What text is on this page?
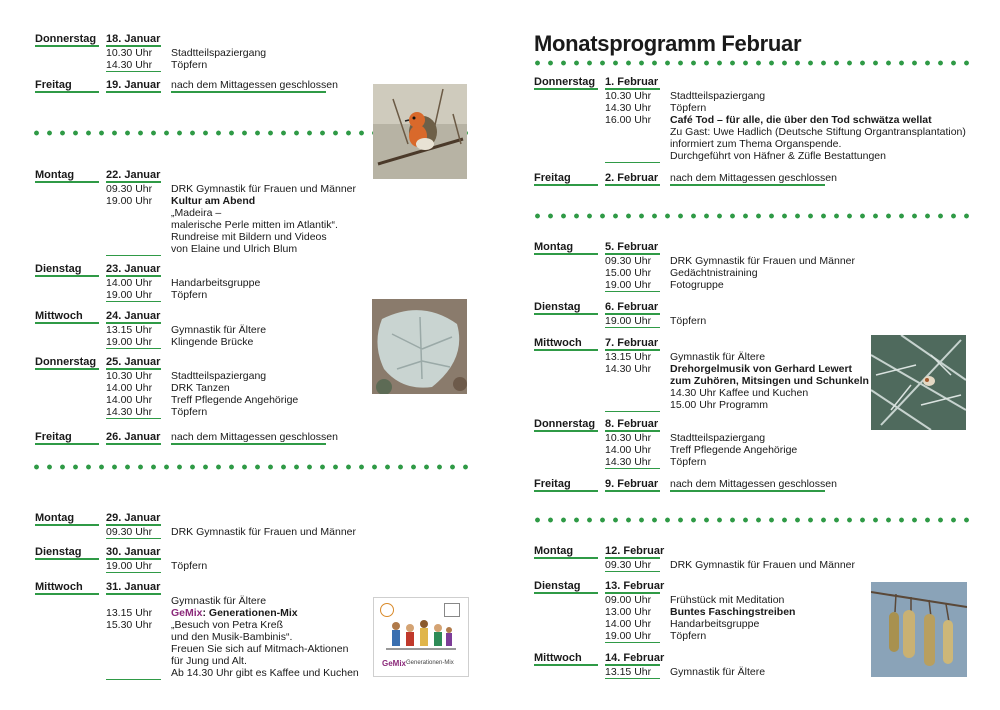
Donnerstag 18. Januar
10.30 Uhr Stadtteilspaziergang
14.30 Uhr Töpfern
Freitag	19. Januar nach dem Mittagessen geschlossen
Montag	22. Januar
09.30 Uhr DRK Gymnastik für Frauen und Männer
19.00 Uhr Kultur am Abend
„Madeira –
malerische Perle mitten im Atlantik“.
Rundreise mit Bildern und Videos
von Elaine und Ulrich Blum
Dienstag 23. Januar
14.00 Uhr Handarbeitsgruppe
19.00 Uhr Töpfern
Mittwoch 24. Januar
13.15 Uhr Gymnastik für Ältere
19.00 Uhr Klingende Brücke
Donnerstag 25. Januar
10.30 Uhr Stadtteilspaziergang
14.00 Uhr DRK Tanzen
14.00 Uhr Treff Pflegende Angehörige
14.30 Uhr Töpfern
Freitag	26. Januar nach dem Mittagessen geschlossen
Montag	29. Januar
09.30 Uhr DRK Gymnastik für Frauen und Männer
Dienstag 30. Januar
19.00 Uhr Töpfern
Mittwoch 31. Januar
Gymnastik für Ältere
13.15 Uhr GeMix: Generationen-Mix
15.30 Uhr „Besuch von Petra Kreß
und den Musik-Bambinis“.
Freuen Sie sich auf Mitmach-Aktionen
für Jung und Alt.
Ab 14.30 Uhr gibt es Kaffee und Kuchen
Monatsprogramm Februar
Donnerstag 1. Februar
10.30 Uhr Stadtteilspaziergang
14.30 Uhr Töpfern
16.00 Uhr Café Tod – für alle, die über den Tod schwätza wellat
Zu Gast: Uwe Hadlich (Deutsche Stiftung Organtransplantation)
informiert zum Thema Organspende.
Durchgeführt von Häfner & Züfle Bestattungen
Freitag	2. Februar nach dem Mittagessen geschlossen
Montag	5. Februar
09.30 Uhr DRK Gymnastik für Frauen und Männer
15.00 Uhr Gedächtnistraining
19.00 Uhr Fotogruppe
Dienstag 6. Februar
19.00 Uhr Töpfern
Mittwoch 7. Februar
13.15 Uhr Gymnastik für Ältere
14.30 Uhr Drehorgelmusik von Gerhard Lewert
zum Zuhören, Mitsingen und Schunkeln
14.30 Uhr Kaffee und Kuchen
15.00 Uhr Programm
Donnerstag 8. Februar
10.30 Uhr Stadtteilspaziergang
14.00 Uhr Treff Pflegende Angehörige
14.30 Uhr Töpfern
Freitag	9. Februar nach dem Mittagessen geschlossen
Montag	12. Februar
09.30 Uhr DRK Gymnastik für Frauen und Männer
Dienstag 13. Februar
09.00 Uhr Frühstück mit Meditation
13.00 Uhr Buntes Faschingstreiben
14.00 Uhr Handarbeitsgruppe
19.00 Uhr Töpfern
Mittwoch 14. Februar
13.15 Uhr Gymnastik für Ältere
GeMix Generationen-Mix
